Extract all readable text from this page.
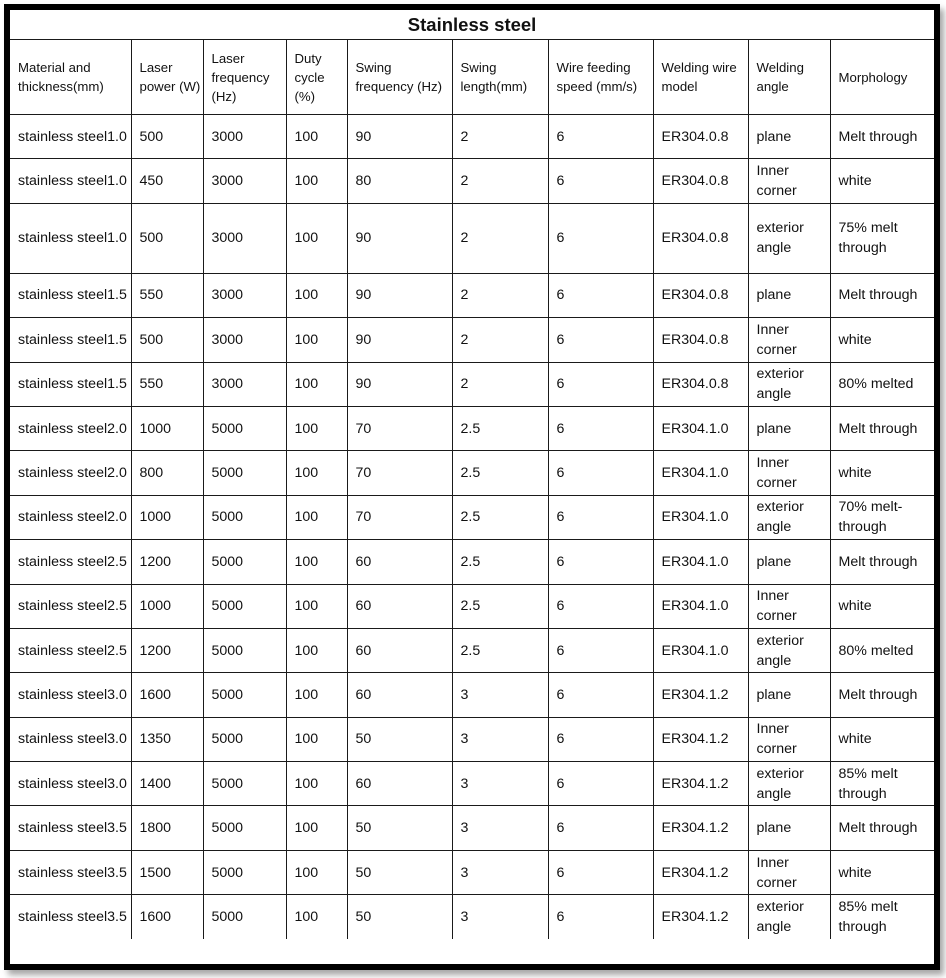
Stainless steel									
Material and thickness(mm)	Laser power (W)	Laser frequency (Hz)	Duty cycle (%)	Swing frequency (Hz)	Swing length(mm)	Wire feeding speed (mm/s)	Welding wire model	Welding angle	Morphology
stainless steel1.0	500	3000	100	90	2	6	ER304.0.8	plane	Melt through
stainless steel1.0	450	3000	100	80	2	6	ER304.0.8	Inner corner	white
stainless steel1.0	500	3000	100	90	2	6	ER304.0.8	exterior angle	75% melt through
stainless steel1.5	550	3000	100	90	2	6	ER304.0.8	plane	Melt through
stainless steel1.5	500	3000	100	90	2	6	ER304.0.8	Inner corner	white
stainless steel1.5	550	3000	100	90	2	6	ER304.0.8	exterior angle	80% melted
stainless steel2.0	1000	5000	100	70	2.5	6	ER304.1.0	plane	Melt through
stainless steel2.0	800	5000	100	70	2.5	6	ER304.1.0	Inner corner	white
stainless steel2.0	1000	5000	100	70	2.5	6	ER304.1.0	exterior angle	70% melt-through
stainless steel2.5	1200	5000	100	60	2.5	6	ER304.1.0	plane	Melt through
stainless steel2.5	1000	5000	100	60	2.5	6	ER304.1.0	Inner corner	white
stainless steel2.5	1200	5000	100	60	2.5	6	ER304.1.0	exterior angle	80% melted
stainless steel3.0	1600	5000	100	60	3	6	ER304.1.2	plane	Melt through
stainless steel3.0	1350	5000	100	50	3	6	ER304.1.2	Inner corner	white
stainless steel3.0	1400	5000	100	60	3	6	ER304.1.2	exterior angle	85% melt through
stainless steel3.5	1800	5000	100	50	3	6	ER304.1.2	plane	Melt through
stainless steel3.5	1500	5000	100	50	3	6	ER304.1.2	Inner corner	white
stainless steel3.5	1600	5000	100	50	3	6	ER304.1.2	exterior angle	85% melt through
